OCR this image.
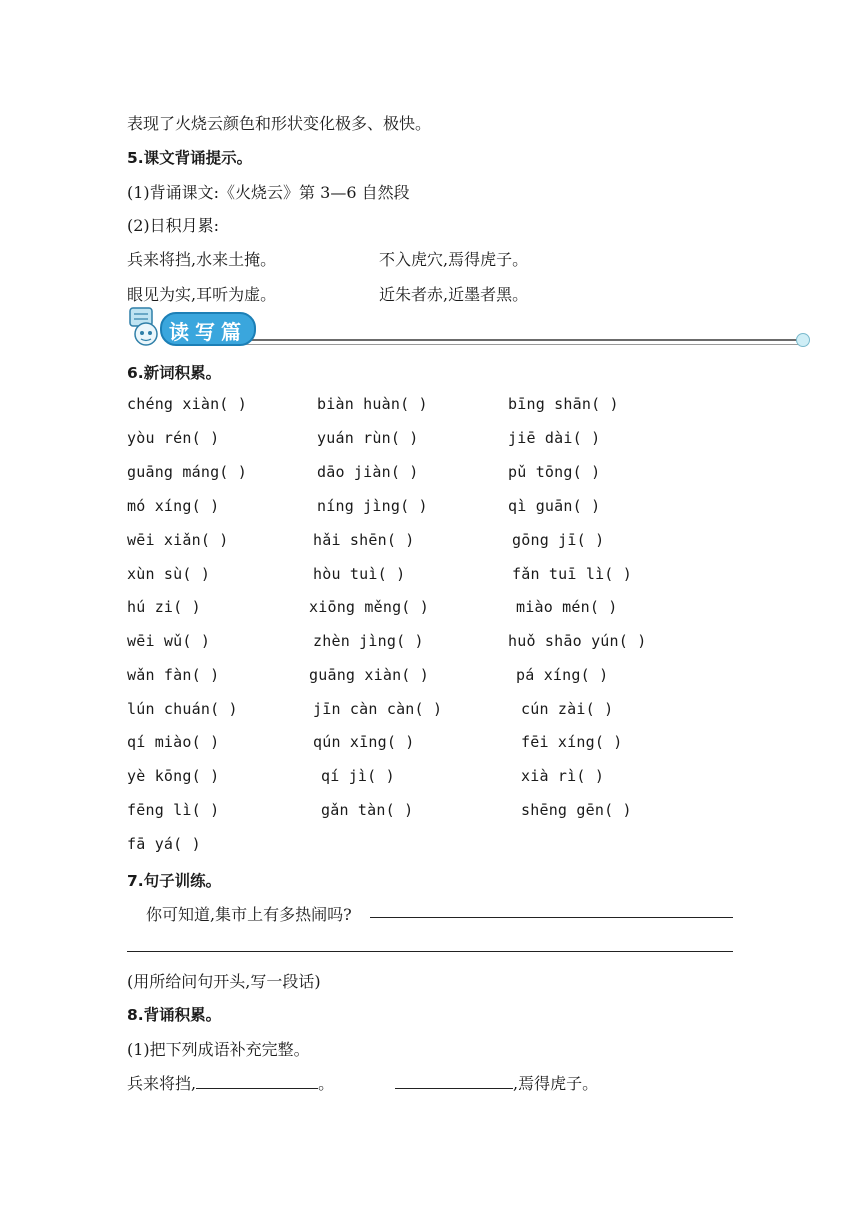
表现了火烧云颜色和形状变化极多、极快。
5.课文背诵提示。
(1)背诵课文:《火烧云》第 3—6 自然段
(2)日积月累:
兵来将挡,水来土掩。	不入虎穴,焉得虎子。
眼见为实,耳听为虚。	近朱者赤,近墨者黑。
读写篇
6.新词积累。
chéng xiàn( )	biàn huàn( )	bīng shān( )
yòu rén( )	yuán rùn( )	jiē dài( )
guāng máng( )	dāo jiàn( )	pǔ tōng( )
mó xíng( )	níng jìng( )	qì guān( )
wēi xiǎn( )	hǎi shēn( )	gōng jī( )
xùn sù( )	hòu tuì( )	fǎn tuī lì( )
hú zi( )	xiōng měng( )	miào mén( )
wēi wǔ( )	zhèn jìng( )	huǒ shāo yún( )
wǎn fàn( )	guāng xiàn( )	pá xíng( )
lún chuán( )	jīn càn càn( )	cún zài( )
qí miào( )	qún xīng( )	fēi xíng( )
yè kōng( )	qí jì( )	xià rì( )
fēng lì( )	gǎn tàn( )	shēng gēn( )
fā yá( )
7.句子训练。
你可知道,集市上有多热闹吗?
(用所给问句开头,写一段话)
8.背诵积累。
(1)把下列成语补充完整。
兵来将挡,	。	,焉得虎子。
